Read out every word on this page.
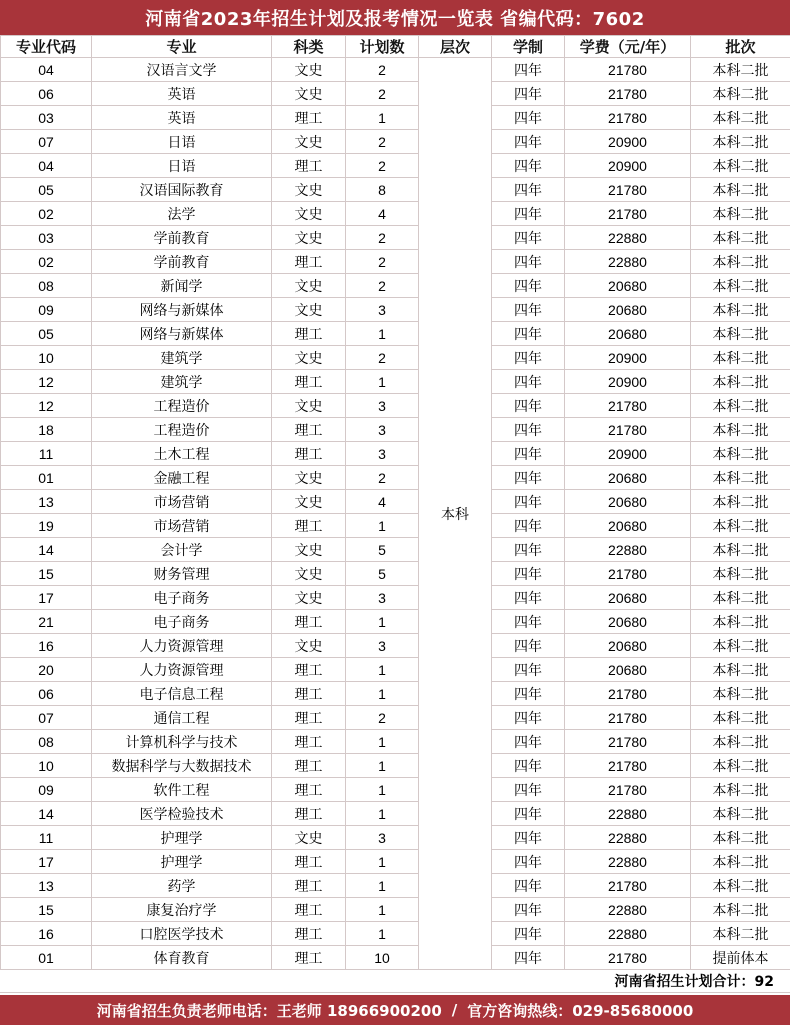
河南省2023年招生计划及报考情况一览表 省编代码：7602
专业代码	专业	科类	计划数	层次	学制	学费（元/年）	批次
04	汉语言文学	文史	2	本科	四年	21780	本科二批
06	英语	文史	2		四年	21780	本科二批
03	英语	理工	1		四年	21780	本科二批
07	日语	文史	2		四年	20900	本科二批
04	日语	理工	2		四年	20900	本科二批
05	汉语国际教育	文史	8		四年	21780	本科二批
02	法学	文史	4		四年	21780	本科二批
03	学前教育	文史	2		四年	22880	本科二批
02	学前教育	理工	2		四年	22880	本科二批
08	新闻学	文史	2		四年	20680	本科二批
09	网络与新媒体	文史	3		四年	20680	本科二批
05	网络与新媒体	理工	1		四年	20680	本科二批
10	建筑学	文史	2		四年	20900	本科二批
12	建筑学	理工	1		四年	20900	本科二批
12	工程造价	文史	3		四年	21780	本科二批
18	工程造价	理工	3		四年	21780	本科二批
11	土木工程	理工	3		四年	20900	本科二批
01	金融工程	文史	2		四年	20680	本科二批
13	市场营销	文史	4		四年	20680	本科二批
19	市场营销	理工	1		四年	20680	本科二批
14	会计学	文史	5		四年	22880	本科二批
15	财务管理	文史	5		四年	21780	本科二批
17	电子商务	文史	3		四年	20680	本科二批
21	电子商务	理工	1		四年	20680	本科二批
16	人力资源管理	文史	3		四年	20680	本科二批
20	人力资源管理	理工	1		四年	20680	本科二批
06	电子信息工程	理工	1		四年	21780	本科二批
07	通信工程	理工	2		四年	21780	本科二批
08	计算机科学与技术	理工	1		四年	21780	本科二批
10	数据科学与大数据技术	理工	1		四年	21780	本科二批
09	软件工程	理工	1		四年	21780	本科二批
14	医学检验技术	理工	1		四年	22880	本科二批
11	护理学	文史	3		四年	22880	本科二批
17	护理学	理工	1		四年	22880	本科二批
13	药学	理工	1		四年	21780	本科二批
15	康复治疗学	理工	1		四年	22880	本科二批
16	口腔医学技术	理工	1		四年	22880	本科二批
01	体育教育	理工	10		四年	21780	提前体本
河南省招生计划合计：92
河南省招生负责老师电话：王老师 18966900200 / 官方咨询热线：029-85680000
